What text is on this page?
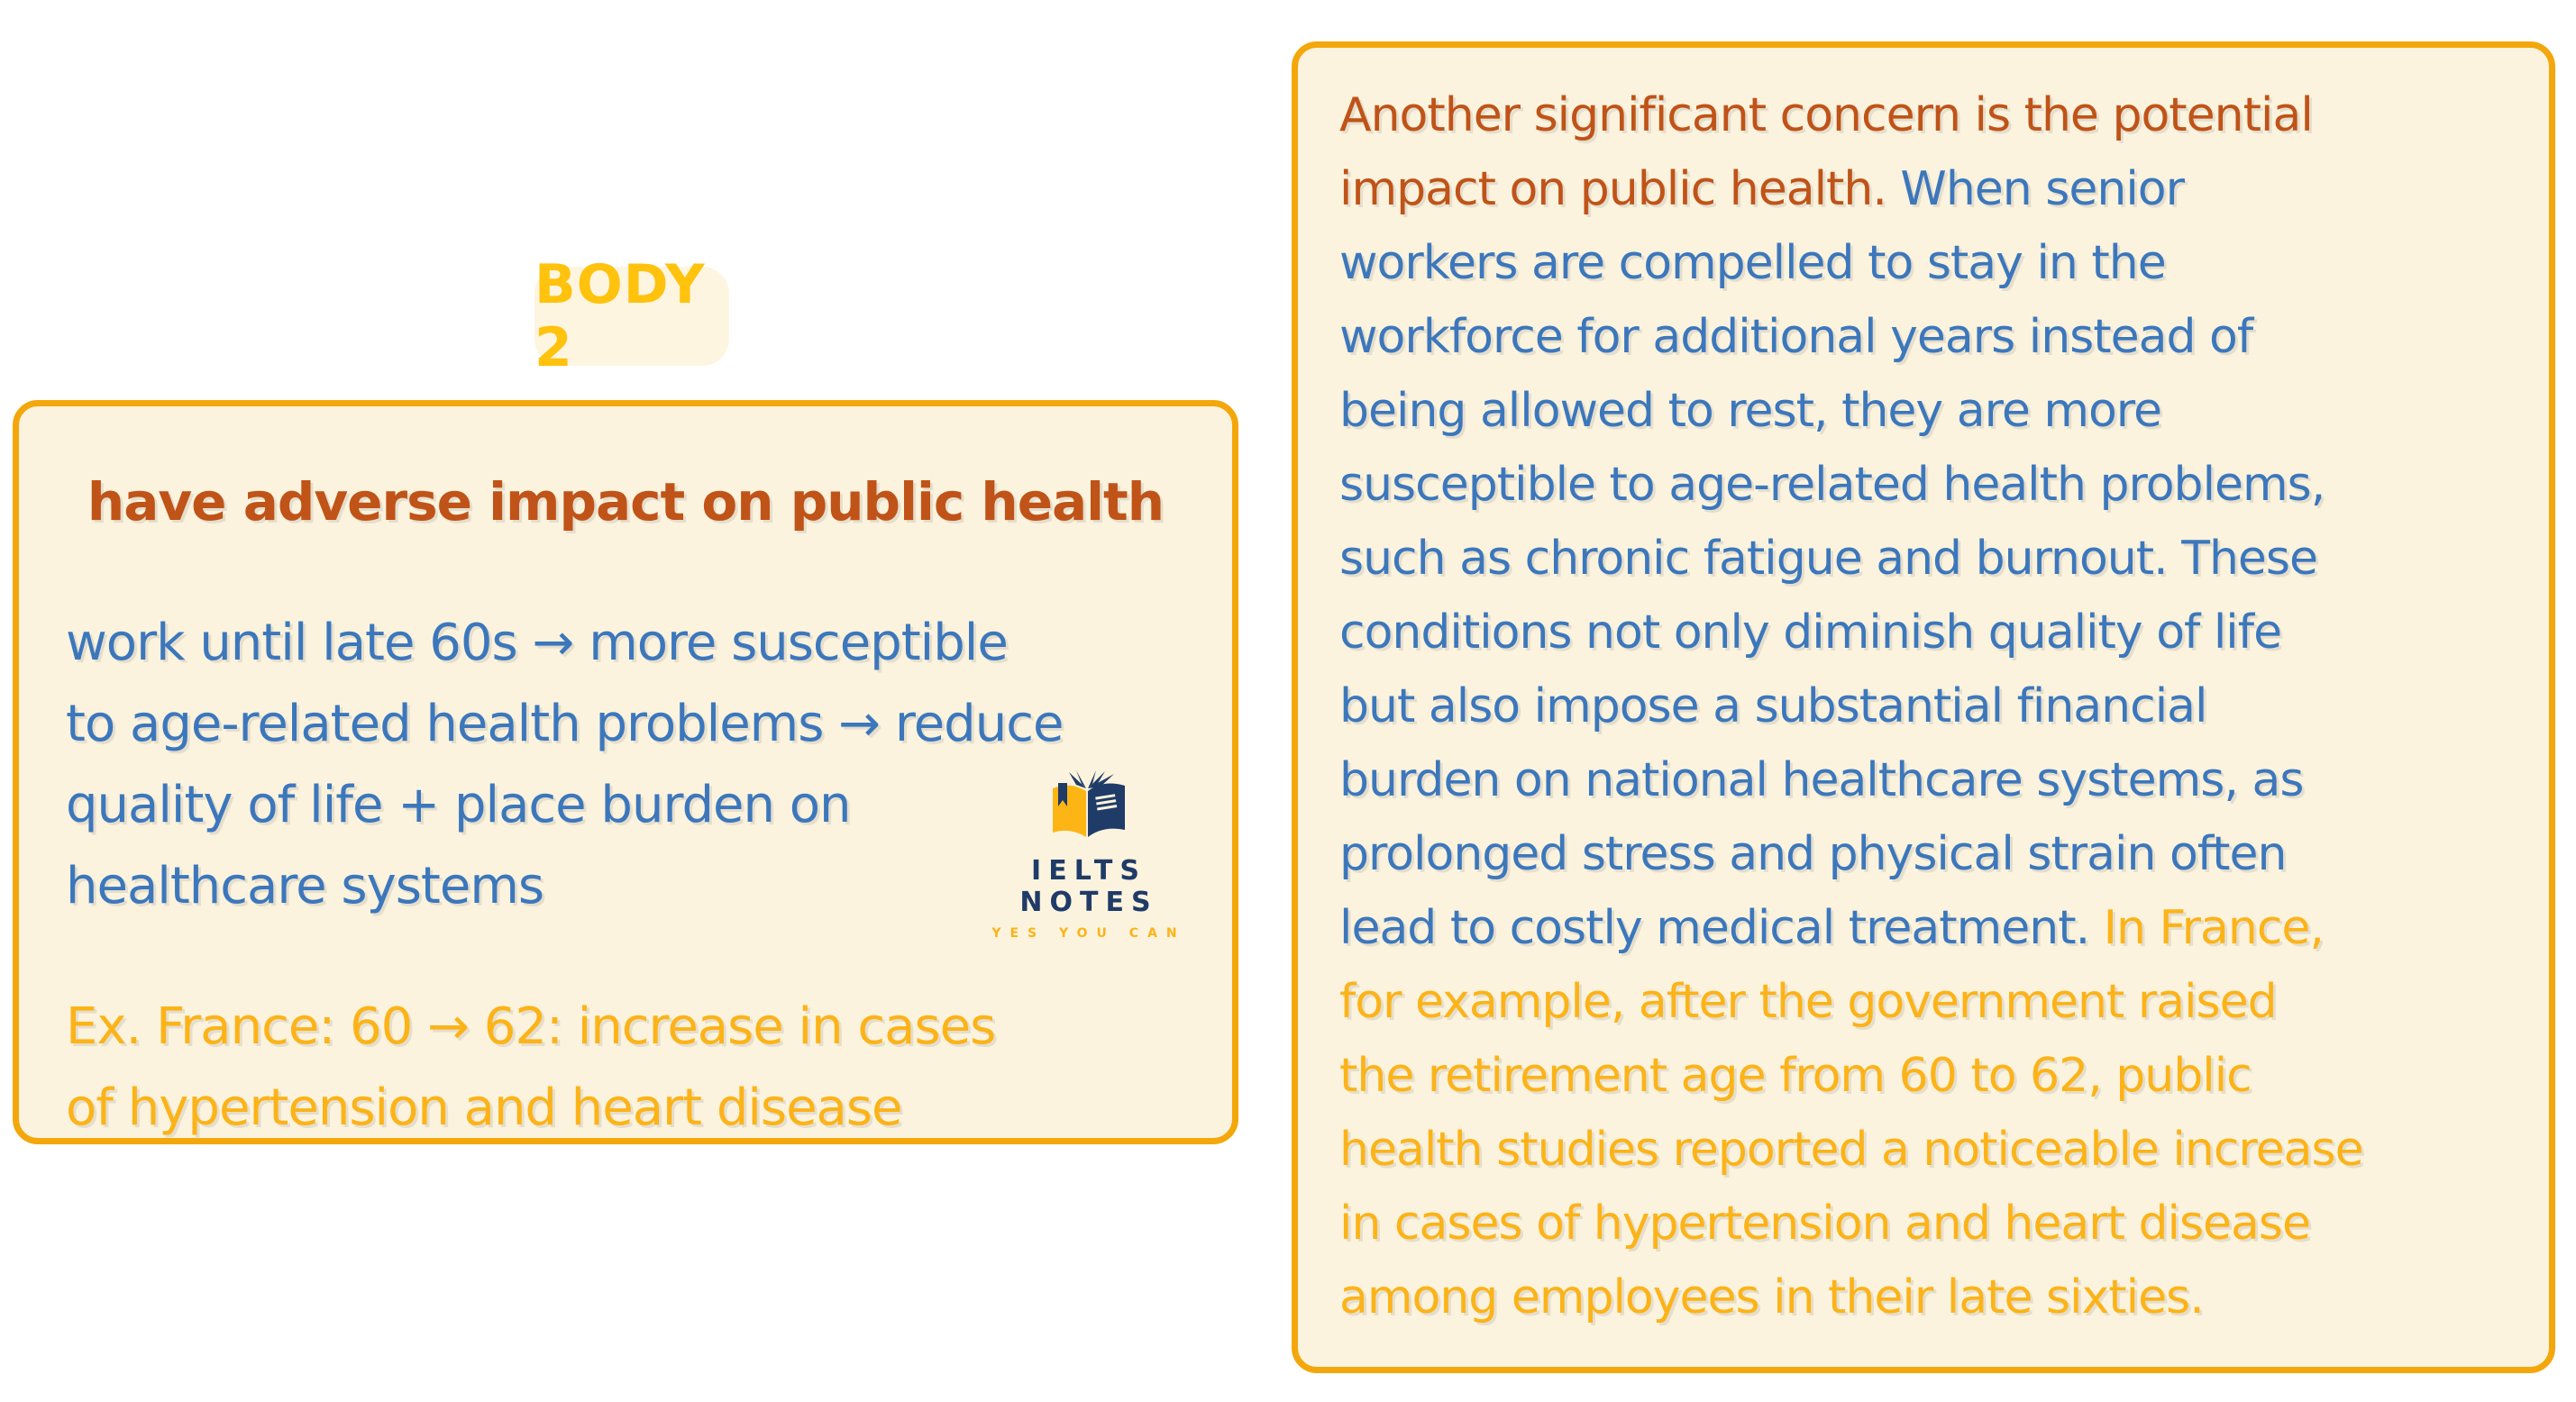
BODY 2
have adverse impact on public health
work until late 60s → more susceptible
to age-related health problems → reduce
quality of life + place burden on
healthcare systems
Ex. France: 60 → 62: increase in cases
of hypertension and heart disease
IELTS NOTES
YES YOU CAN
Another significant concern is the potential
impact on public health. When senior
workers are compelled to stay in the
workforce for additional years instead of
being allowed to rest, they are more
susceptible to age-related health problems,
such as chronic fatigue and burnout. These
conditions not only diminish quality of life
but also impose a substantial financial
burden on national healthcare systems, as
prolonged stress and physical strain often
lead to costly medical treatment. In France,
for example, after the government raised
the retirement age from 60 to 62, public
health studies reported a noticeable increase
in cases of hypertension and heart disease
among employees in their late sixties.
